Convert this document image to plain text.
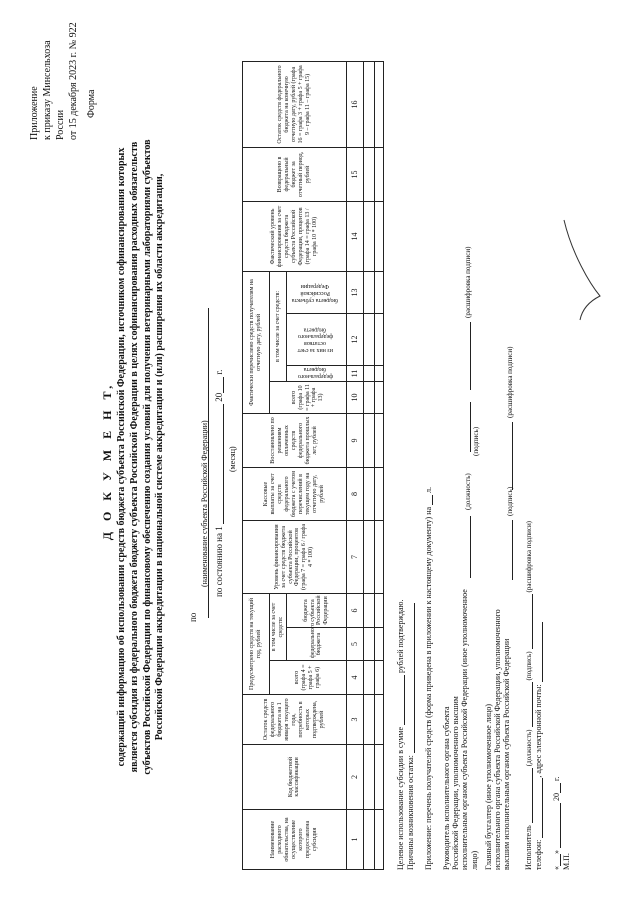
Приложение к приказу Минсельхоза России от 15 декабря 2023 г. № 922 Форма
Д О К У М Е Н Т, содержащий информацию об использовании средств бюджета субъекта Российской Федерации, источником софинансирования которых является субсидия из федерального бюджета бюджету субъекта Российской Федерации в целях софинансирования расходных обязательств субъектов Российской Федерации по финансовому обеспечению создания условий для получения ветеринарными лабораториями субъектов Российской Федерации аккредитации в национальной системе аккредитации и (или) расширения их области аккредитации,	по
(наименование субъекта Российской Федерации) по состоянию на 1  20 г.
(месяц)
Наименование расходного обязательства, на осуществление которого предоставлена субсидия	Код бюджетной классификации	Остаток средств федерального бюджета на 1 января текущего года, потребность в которых подтверждена, рублей	Предусмотрено средств на текущий год, рублей			Уровень финансирования за счет средств бюджета субъекта Российской Федерации, процентов (графа 7 = графа 6 / графа 4 * 100)	Кассовые выплаты за счет средств федерального бюджета с учетом перечислений в текущем году на отчетную дату, рублей	Восстановлено по решениям оплаченных средств федерального бюджета прошлых лет, рублей	Фактически перечислено средств получателям на отчетную дату, рублей				Фактический уровень финансирования за счет средств бюджета субъекта Российской Федерации, процентов (графа 14 = графа 13 / графа 10 * 100)	Возвращено в федеральный бюджет за отчетный период, рублей	Остаток средств федерального бюджета на конечную отчетную дату, рублей (графа 16 = графа 3 + графа 5 + графа 9 – графа 11 – графа 15)
			всего (графа 4 = графа 5 + графа 6)	в том числе за счет средств:					всего (графа 10 = графа 11 + графа 13)	в том числе за счет средств:					
				федерального бюджета	бюджета субъекта Российской Федерации					федерального бюджета	из них за счет остатков федерального бюджета	бюджета субъекта Российской Федерации			
1	2	3	4	5	6	7	8	9	10	11	12	13	14	15	16

Целевое использование субсидии в сумме  рублей подтверждаю.
Причины возникновения остатка: Приложение: перечень получателей средств (форма приведена в приложении к настоящему документу) на  л.
Руководитель исполнительного органа субъекта Российской Федерации, уполномоченного высшим исполнительным органом субъекта Российской Федерации (иное уполномоченное лицо)
(должность)
(подпись)
(расшифровка подписи)
Главный бухгалтер (иное уполномоченное лицо) исполнительного органа субъекта Российской Федерации, уполномоченного высшим исполнительным органом субъекта Российской Федерации
(подпись)
(расшифровка подписи)
Исполнитель  (должность)  (подпись)  (расшифровка подписи)
телефон: , адрес электронной почты:
«»  20 г.
М.П.
